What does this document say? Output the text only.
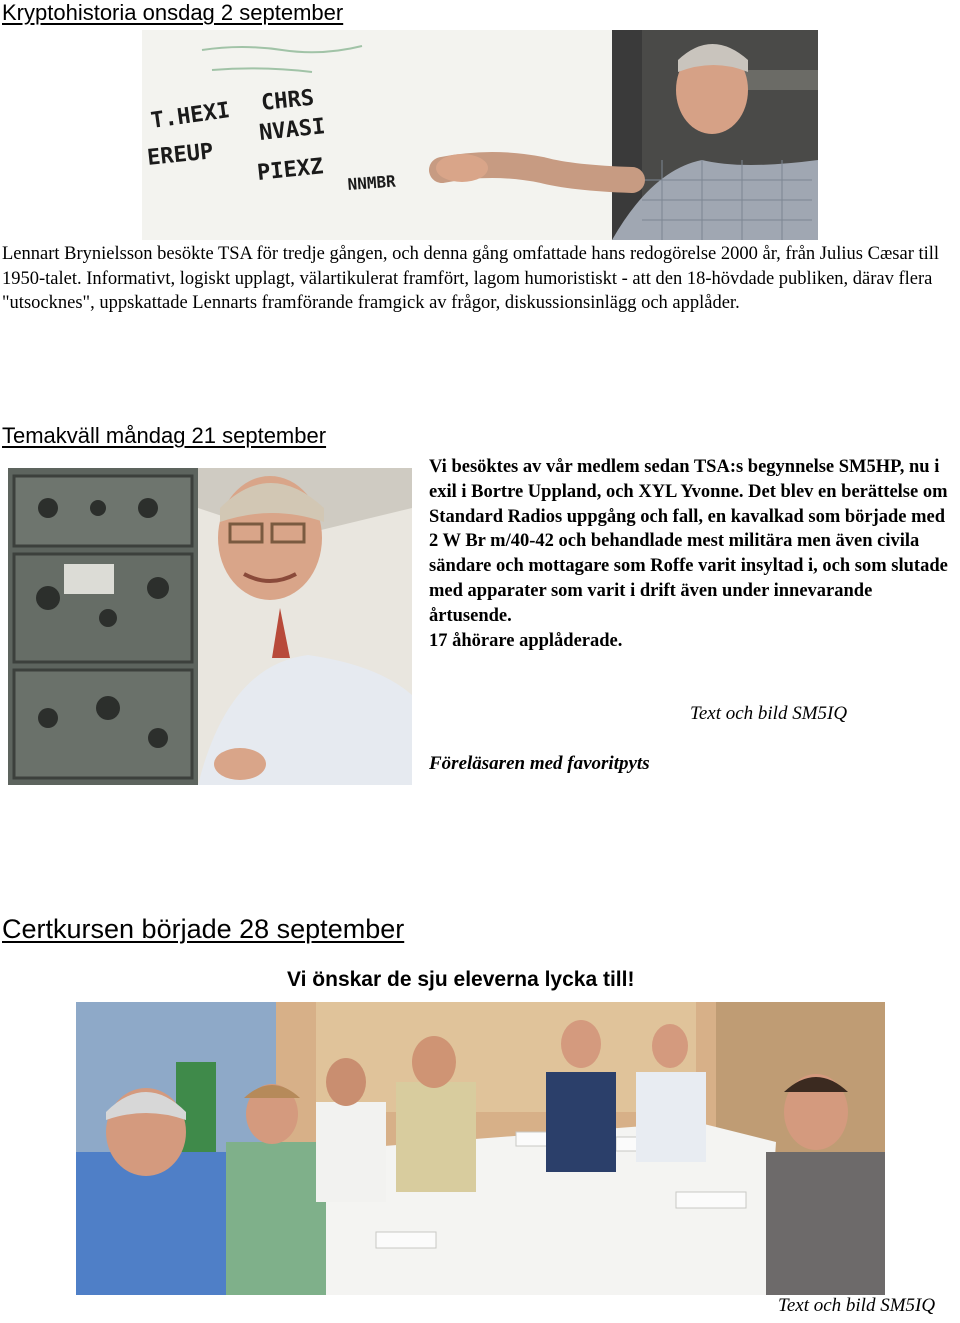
Kryptohistoria onsdag 2 september
T.HEXI CHRS
EREUP
NVASI
PIEXZ NNMBR
Lennart Brynielsson besökte TSA för tredje gången, och denna gång omfattade hans redogörelse 2000 år, från Julius Cæsar till 1950-talet. Informativt, logiskt upplagt, välartikulerat framfört, lagom humoristiskt - att den 18-hövdade publiken, därav flera "utsocknes", uppskattade Lennarts framförande framgick av frågor, diskussionsinlägg och applåder.
Temakväll måndag 21 september
Vi besöktes av vår medlem sedan TSA:s begynnelse SM5HP, nu i exil i Bortre Uppland, och XYL Yvonne. Det blev en berättelse om Standard Radios uppgång och fall, en kavalkad som började med 2 W Br m/40-42 och behandlade mest militära men även civila sändare och mottagare som Roffe varit insyltad i, och som slutade med apparater som varit i drift även under innevarande årtusende.
17 åhörare applåderade.
Text och bild SM5IQ
Föreläsaren med favoritpyts
Certkursen började 28 september
Vi önskar de sju eleverna lycka till!
Text och bild SM5IQ
